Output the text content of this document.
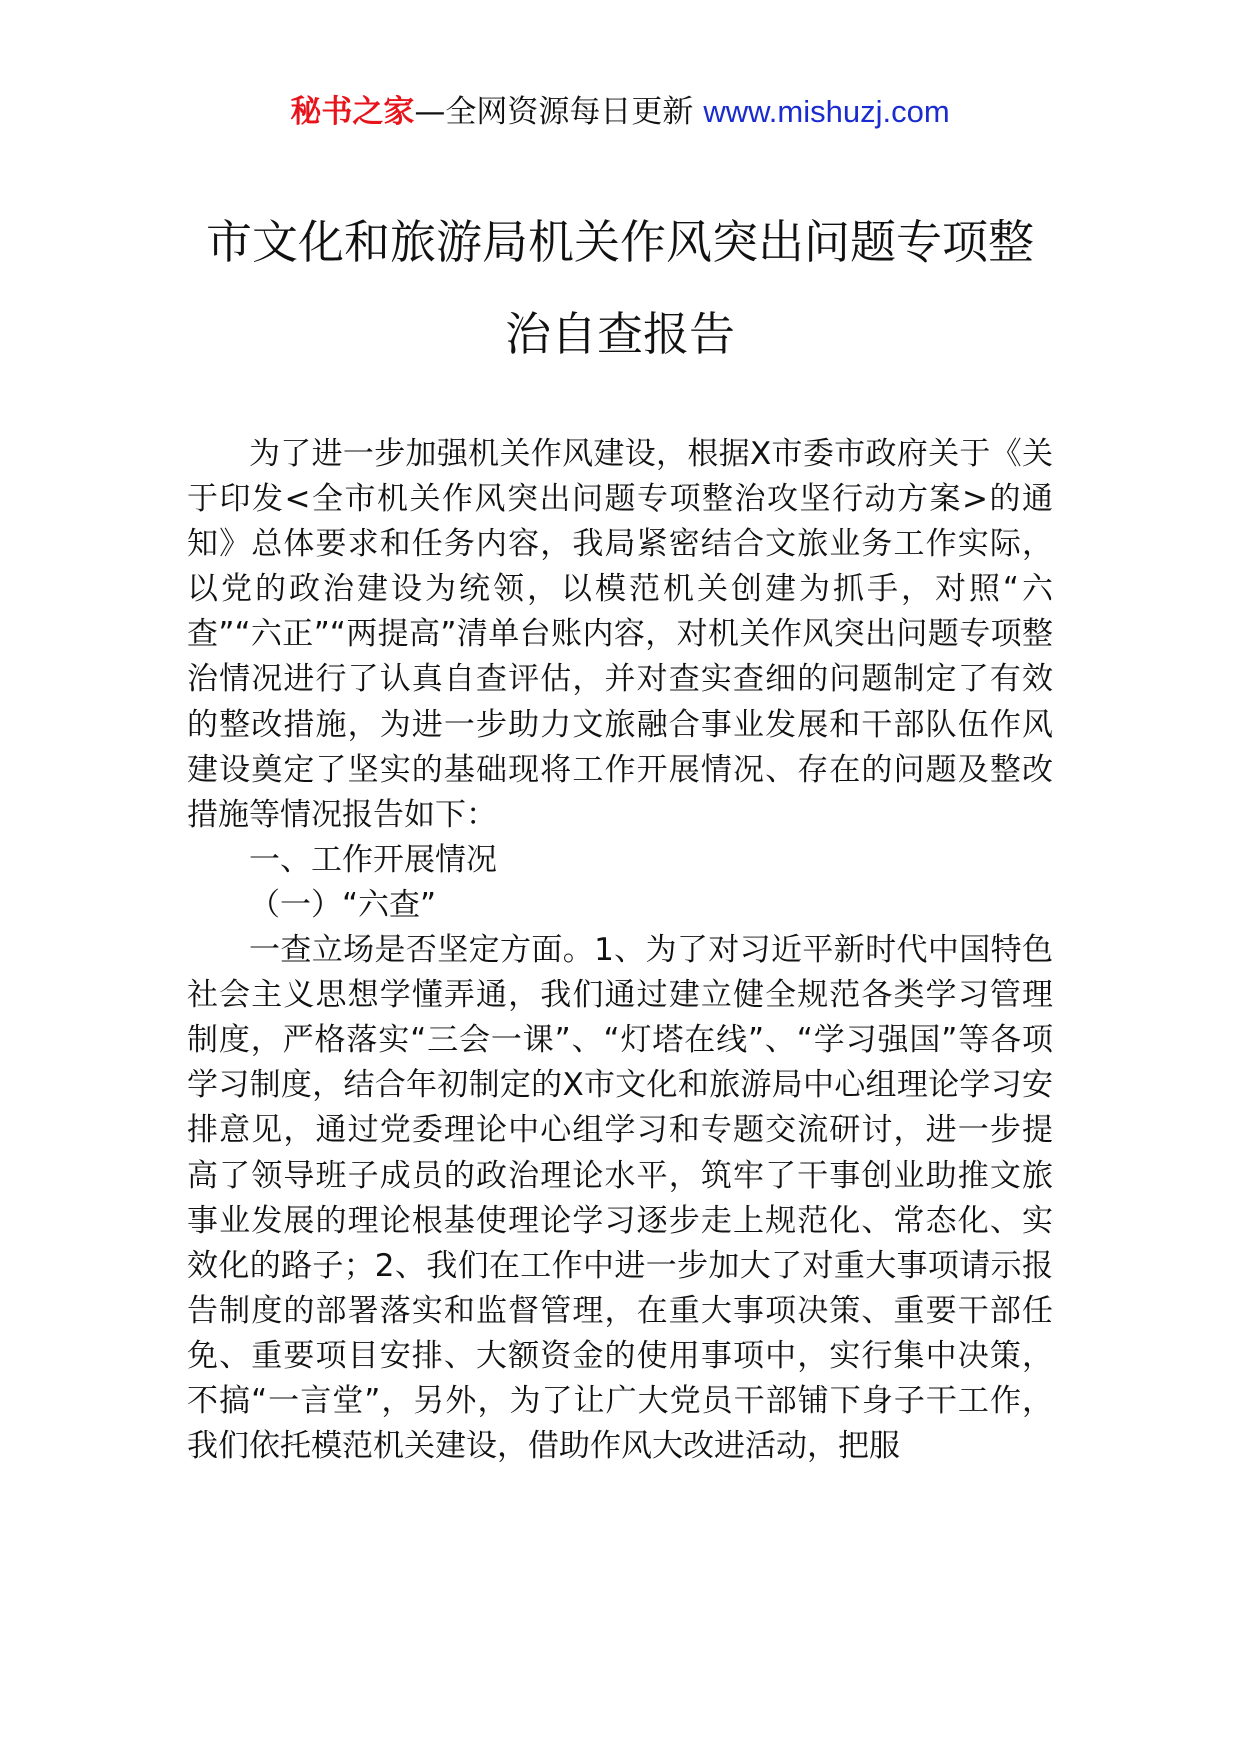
秘书之家—全网资源每日更新 www.mishuzj.com
市文化和旅游局机关作风突出问题专项整
治自查报告

为了进一步加强机关作风建设，根据X市委市政府关于《关于印发<全市机关作风突出问题专项整治攻坚行动方案>的通知》总体要求和任务内容，我局紧密结合文旅业务工作实际，以党的政治建设为统领，以模范机关创建为抓手，对照“六查”“六正”“两提高”清单台账内容，对机关作风突出问题专项整治情况进行了认真自查评估，并对查实查细的问题制定了有效的整改措施，为进一步助力文旅融合事业发展和干部队伍作风建设奠定了坚实的基础现将工作开展情况、存在的问题及整改措施等情况报告如下：

一、工作开展情况

（一）“六查”

一查立场是否坚定方面。1、为了对习近平新时代中国特色社会主义思想学懂弄通，我们通过建立健全规范各类学习管理制度，严格落实“三会一课”、“灯塔在线”、“学习强国”等各项学习制度，结合年初制定的X市文化和旅游局中心组理论学习安排意见，通过党委理论中心组学习和专题交流研讨，进一步提高了领导班子成员的政治理论水平，筑牢了干事创业助推文旅事业发展的理论根基使理论学习逐步走上规范化、常态化、实效化的路子；2、我们在工作中进一步加大了对重大事项请示报告制度的部署落实和监督管理，在重大事项决策、重要干部任免、重要项目安排、大额资金的使用事项中，实行集中决策，不搞“一言堂”，另外，为了让广大党员干部铺下身子干工作，我们依托模范机关建设，借助作风大改进活动，把服
